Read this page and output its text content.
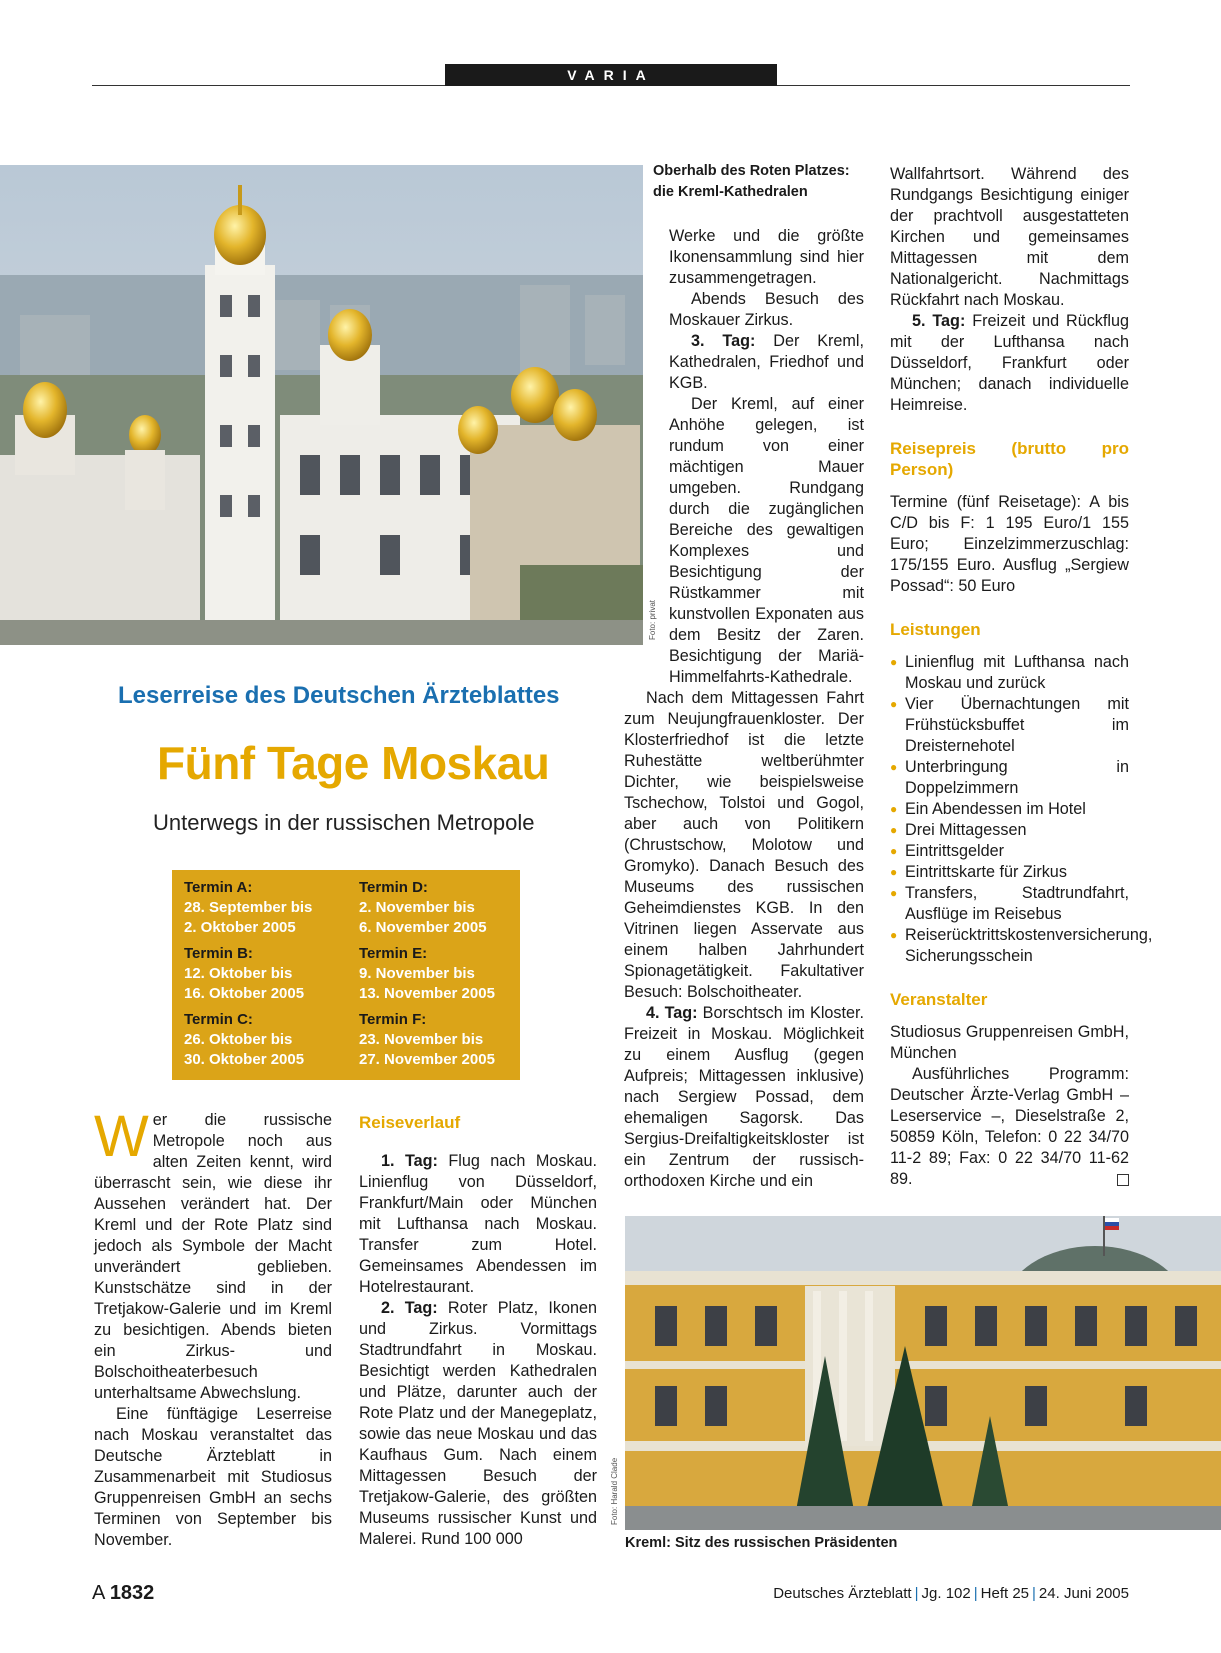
VARIA
Foto: privat
Oberhalb des Roten Platzes:
die Kreml-Kathedralen
Leserreise des Deutschen Ärzteblattes
Fünf Tage Moskau
Unterwegs in der russischen Metropole
Termin A:
28. September bis
2. Oktober 2005
Termin B:
12. Oktober bis
16. Oktober 2005
Termin C:
26. Oktober bis
30. Oktober 2005
Termin D:
2. November bis
6. November 2005
Termin E:
9. November bis
13. November 2005
Termin F:
23. November bis
27. November 2005

Wer die russische Metropole noch aus alten Zeiten kennt, wird überrascht sein, wie diese ihr Aussehen verändert hat. Der Kreml und der Rote Platz sind jedoch als Symbole der Macht unverändert geblieben. Kunstschätze sind in der Tretjakow-Galerie und im Kreml zu besichtigen. Abends bieten ein Zirkus- und Bolschoitheaterbesuch unterhaltsame Abwechslung.

Eine fünftägige Leserreise nach Moskau veranstaltet das Deutsche Ärzteblatt in Zusammenarbeit mit Studiosus Gruppenreisen GmbH an sechs Terminen von September bis November.

Reiseverlauf

1. Tag: Flug nach Moskau. Linienflug von Düsseldorf, Frankfurt/Main oder München mit Lufthansa nach Moskau. Transfer zum Hotel. Gemeinsames Abendessen im Hotelrestaurant.

2. Tag: Roter Platz, Ikonen und Zirkus. Vormittags Stadtrundfahrt in Moskau. Besichtigt werden Kathedralen und Plätze, darunter auch der Rote Platz und der Manegeplatz, sowie das neue Moskau und das Kaufhaus Gum. Nach einem Mittagessen Besuch der Tretjakow-Galerie, des größten Museums russischer Kunst und Malerei. Rund 100 000

Werke und die größte Ikonensammlung sind hier zusammengetragen.

Abends Besuch des Moskauer Zirkus.

3. Tag: Der Kreml, Kathedralen, Friedhof und KGB.

Der Kreml, auf einer Anhöhe gelegen, ist rundum von einer mächtigen Mauer umgeben. Rundgang durch die zugänglichen Bereiche des gewaltigen Komplexes und Besichtigung der Rüstkammer mit kunstvollen Exponaten aus dem Besitz der Zaren. Besichtigung der Mariä-Himmelfahrts-Kathedrale.

Nach dem Mittagessen Fahrt zum Neujungfrauenkloster. Der Klosterfriedhof ist die letzte Ruhestätte weltberühmter Dichter, wie beispielsweise Tschechow, Tolstoi und Gogol, aber auch von Politikern (Chrustschow, Molotow und Gromyko). Danach Besuch des Museums des russischen Geheimdienstes KGB. In den Vitrinen liegen Asservate aus einem halben Jahrhundert Spionagetätigkeit. Fakultativer Besuch: Bolschoitheater.

4. Tag: Borschtsch im Kloster. Freizeit in Moskau. Möglichkeit zu einem Ausflug (gegen Aufpreis; Mittagessen inklusive) nach Sergiew Possad, dem ehemaligen Sagorsk. Das Sergius-Dreifaltigkeitskloster ist ein Zentrum der russisch-orthodoxen Kirche und ein

Wallfahrtsort. Während des Rundgangs Besichtigung einiger der prachtvoll ausgestatteten Kirchen und gemeinsames Mittagessen mit dem Nationalgericht. Nachmittags Rückfahrt nach Moskau.

5. Tag: Freizeit und Rückflug mit der Lufthansa nach Düsseldorf, Frankfurt oder München; danach individuelle Heimreise.

Reisepreis (brutto pro Person)

Termine (fünf Reisetage): A bis C/D bis F: 1 195 Euro/1 155 Euro; Einzelzimmerzuschlag: 175/155 Euro. Ausflug „Sergiew Possad“: 50 Euro

Leistungen
● Linienflug mit Lufthansa nach Moskau und zurück
● Vier Übernachtungen mit Frühstücksbuffet im Dreisternehotel
● Unterbringung in Doppelzimmern
● Ein Abendessen im Hotel
● Drei Mittagessen
● Eintrittsgelder
● Eintrittskarte für Zirkus
● Transfers, Stadtrundfahrt, Ausflüge im Reisebus
● Reiserücktrittskostenversicherung, Sicherungsschein
Veranstalter

Studiosus Gruppenreisen GmbH, München

Ausführliches Programm: Deutscher Ärzte-Verlag GmbH – Leserservice –, Dieselstraße 2, 50859 Köln, Telefon: 0 22 34/70 11-2 89; Fax: 0 22 34/70 11-62 89.

Foto: Harald Clade
Kreml: Sitz des russischen Präsidenten
A 1832	Deutsches Ärzteblatt | Jg. 102 | Heft 25 | 24. Juni 2005
